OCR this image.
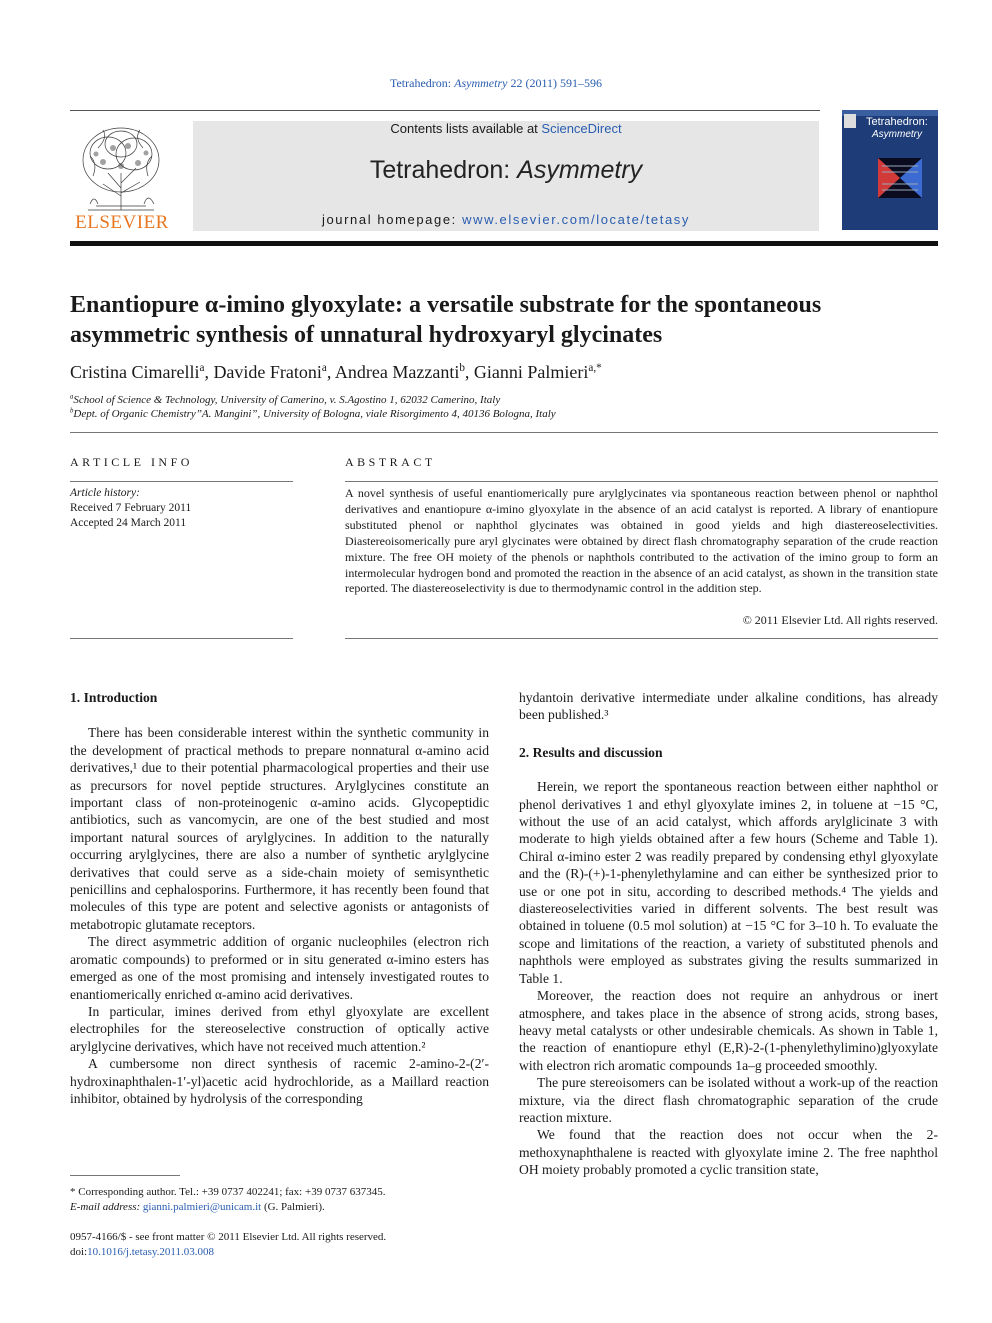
Tetrahedron: Asymmetry 22 (2011) 591–596
ELSEVIER
Contents lists available at ScienceDirect
Tetrahedron: Asymmetry
journal homepage: www.elsevier.com/locate/tetasy
Tetrahedron:
Asymmetry
Enantiopure α-imino glyoxylate: a versatile substrate for the spontaneous
asymmetric synthesis of unnatural hydroxyaryl glycinates
Cristina Cimarelli$^a$, Davide Fratoni$^a$, Andrea Mazzanti$^b$, Gianni Palmieri$^{a,*}$
$^a$School of Science & Technology, University of Camerino, v. S.Agostino 1, 62032 Camerino, Italy
$^b$Dept. of Organic Chemistry”A. Mangini”, University of Bologna, viale Risorgimento 4, 40136 Bologna, Italy
ARTICLE INFO	ABSTRACT
Article history:
Received 7 February 2011
Accepted 24 March 2011
A novel synthesis of useful enantiomerically pure arylglycinates via spontaneous reaction between phenol or naphthol derivatives and enantiopure α-imino glyoxylate in the absence of an acid catalyst is reported. A library of enantiopure substituted phenol or naphthol glycinates was obtained in good yields and high diastereoselectivities. Diastereoisomerically pure aryl glycinates were obtained by direct flash chromatography separation of the crude reaction mixture. The free OH moiety of the phenols or naphthols contributed to the activation of the imino group to form an intermolecular hydrogen bond and promoted the reaction in the absence of an acid catalyst, as shown in the transition state reported. The diastereoselectivity is due to thermodynamic control in the addition step.
© 2011 Elsevier Ltd. All rights reserved.
1. Introduction

There has been considerable interest within the synthetic community in the development of practical methods to prepare nonnatural α-amino acid derivatives,¹ due to their potential pharmacological properties and their use as precursors for novel peptide structures. Arylglycines constitute an important class of non-proteinogenic α-amino acids. Glycopeptidic antibiotics, such as vancomycin, are one of the best studied and most important natural sources of arylglycines. In addition to the naturally occurring arylglycines, there are also a number of synthetic arylglycine derivatives that could serve as a side-chain moiety of semisynthetic penicillins and cephalosporins. Furthermore, it has recently been found that molecules of this type are potent and selective agonists or antagonists of metabotropic glutamate receptors.

The direct asymmetric addition of organic nucleophiles (electron rich aromatic compounds) to preformed or in situ generated α-imino esters has emerged as one of the most promising and intensely investigated routes to enantiomerically enriched α-amino acid derivatives.

In particular, imines derived from ethyl glyoxylate are excellent electrophiles for the stereoselective construction of optically active arylglycine derivatives, which have not received much attention.²

A cumbersome non direct synthesis of racemic 2-amino-2-(2′-hydroxinaphthalen-1′-yl)acetic acid hydrochloride, as a Maillard reaction inhibitor, obtained by hydrolysis of the corresponding

hydantoin derivative intermediate under alkaline conditions, has already been published.³

2. Results and discussion

Herein, we report the spontaneous reaction between either naphthol or phenol derivatives 1 and ethyl glyoxylate imines 2, in toluene at −15 °C, without the use of an acid catalyst, which affords arylglicinate 3 with moderate to high yields obtained after a few hours (Scheme and Table 1). Chiral α-imino ester 2 was readily prepared by condensing ethyl glyoxylate and the (R)-(+)-1-phenylethylamine and can either be synthesized prior to use or one pot in situ, according to described methods.⁴ The yields and diastereoselectivities varied in different solvents. The best result was obtained in toluene (0.5 mol solution) at −15 °C for 3–10 h. To evaluate the scope and limitations of the reaction, a variety of substituted phenols and naphthols were employed as substrates giving the results summarized in Table 1.

Moreover, the reaction does not require an anhydrous or inert atmosphere, and takes place in the absence of strong acids, strong bases, heavy metal catalysts or other undesirable chemicals. As shown in Table 1, the reaction of enantiopure ethyl (E,R)-2-(1-phenylethylimino)glyoxylate with electron rich aromatic compounds 1a–g proceeded smoothly.

The pure stereoisomers can be isolated without a work-up of the reaction mixture, via the direct flash chromatographic separation of the crude reaction mixture.

We found that the reaction does not occur when the 2-methoxynaphthalene is reacted with glyoxylate imine 2. The free naphthol OH moiety probably promoted a cyclic transition state,

* Corresponding author. Tel.: +39 0737 402241; fax: +39 0737 637345.
E-mail address: gianni.palmieri@unicam.it (G. Palmieri).
0957-4166/$ - see front matter © 2011 Elsevier Ltd. All rights reserved.
doi:10.1016/j.tetasy.2011.03.008
